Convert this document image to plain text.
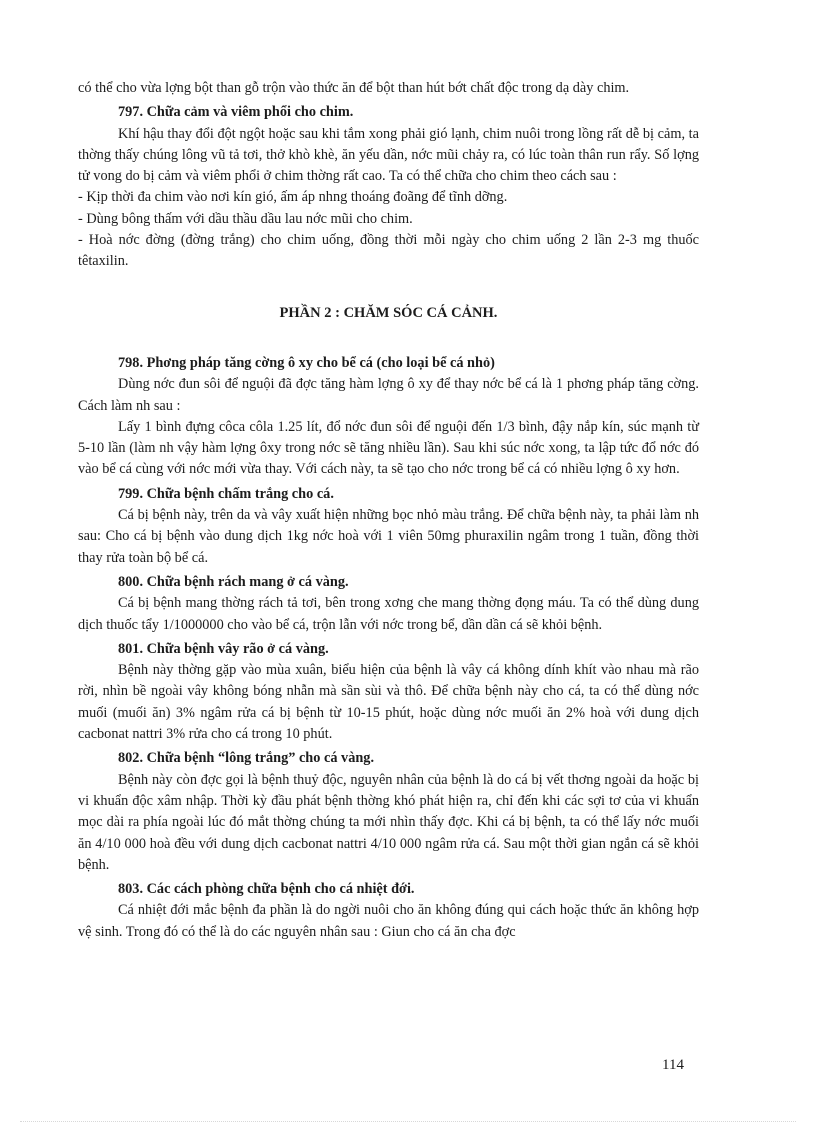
có thể cho vừa lợng bột than gỗ trộn vào thức ăn để bột than hút bớt chất độc trong dạ dày chim.

797. Chữa cảm và viêm phổi cho chim.

Khí hậu thay đổi đột ngột hoặc sau khi tắm xong phải gió lạnh, chim nuôi trong lồng rất dễ bị cảm, ta thờng thấy chúng lông vũ tả tơi, thở khò khè, ăn yếu dần, nớc mũi chảy ra, có lúc toàn thân run rẩy. Số lợng tử vong do bị cảm và viêm phổi ở chim thờng rất cao. Ta có thể chữa cho chim theo cách sau :

- Kịp thời đa chim vào nơi kín gió, ấm áp nhng thoáng đoãng để tĩnh dỡng.

- Dùng bông thấm với dầu thầu dầu lau nớc mũi cho chim.

- Hoà nớc đờng (đờng trắng) cho chim uống, đồng thời mỗi ngày cho chim uống 2 lần 2-3 mg thuốc têtaxilin.

PHẦN 2 : CHĂM SÓC CÁ CẢNH.

798. Phơng pháp tăng cờng ô xy cho bể cá (cho loại bể cá nhỏ)

Dùng nớc đun sôi để nguội đã đợc tăng hàm lợng ô xy để thay nớc bể cá là 1 phơng pháp tăng cờng. Cách làm nh sau :

Lấy 1 bình đựng côca côla 1.25 lít, đổ nớc đun sôi để nguội đến 1/3 bình, đậy nắp kín, súc mạnh từ 5-10 lần (làm nh vậy hàm lợng ôxy trong nớc sẽ tăng nhiều lần). Sau khi súc nớc xong, ta lập tức đổ nớc đó vào bể cá cùng với nớc mới vừa thay. Với cách này, ta sẽ tạo cho nớc trong bể cá có nhiều lợng ô xy hơn.

799. Chữa bệnh chấm trắng cho cá.

Cá bị bệnh này, trên da và vây xuất hiện những bọc nhỏ màu trắng. Để chữa bệnh này, ta phải làm nh sau: Cho cá bị bệnh vào dung dịch 1kg nớc hoà với 1 viên 50mg phuraxilin ngâm trong 1 tuần, đồng thời thay rửa toàn bộ bể cá.

800. Chữa bệnh rách mang ở cá vàng.

Cá bị bệnh mang thờng rách tả tơi, bên trong xơng che mang thờng đọng máu. Ta có thể dùng dung dịch thuốc tẩy 1/1000000 cho vào bể cá, trộn lẫn với nớc trong bể, dần dần cá sẽ khỏi bệnh.

801. Chữa bệnh vây rão ở cá vàng.

Bệnh này thờng gặp vào mùa xuân, biểu hiện của bệnh là vây cá không dính khít vào nhau mà rão rời, nhìn bề ngoài vây không bóng nhẫn mà sần sùi và thô. Để chữa bệnh này cho cá, ta có thể dùng nớc muối (muối ăn) 3% ngâm rửa cá bị bệnh từ 10-15 phút, hoặc dùng nớc muối ăn 2% hoà với dung dịch cacbonat nattri 3% rửa cho cá trong 10 phút.

802. Chữa bệnh “lông trắng” cho cá vàng.

Bệnh này còn đợc gọi là bệnh thuỷ độc, nguyên nhân của bệnh là do cá bị vết thơng ngoài da hoặc bị vi khuẩn độc xâm nhập. Thời kỳ đầu phát bệnh thờng khó phát hiện ra, chỉ đến khi các sợi tơ của vi khuẩn mọc dài ra phía ngoài lúc đó mắt thờng chúng ta mới nhìn thấy đợc. Khi cá bị bệnh, ta có thể lấy nớc muối ăn 4/10 000 hoà đều với dung dịch cacbonat nattri 4/10 000 ngâm rửa cá. Sau một thời gian ngắn cá sẽ khỏi bệnh.

803. Các cách phòng chữa bệnh cho cá nhiệt đới.

Cá nhiệt đới mắc bệnh đa phần là do ngời nuôi cho ăn không đúng qui cách hoặc thức ăn không hợp vệ sinh. Trong đó có thể là do các nguyên nhân sau : Giun cho cá ăn cha đợc

114
